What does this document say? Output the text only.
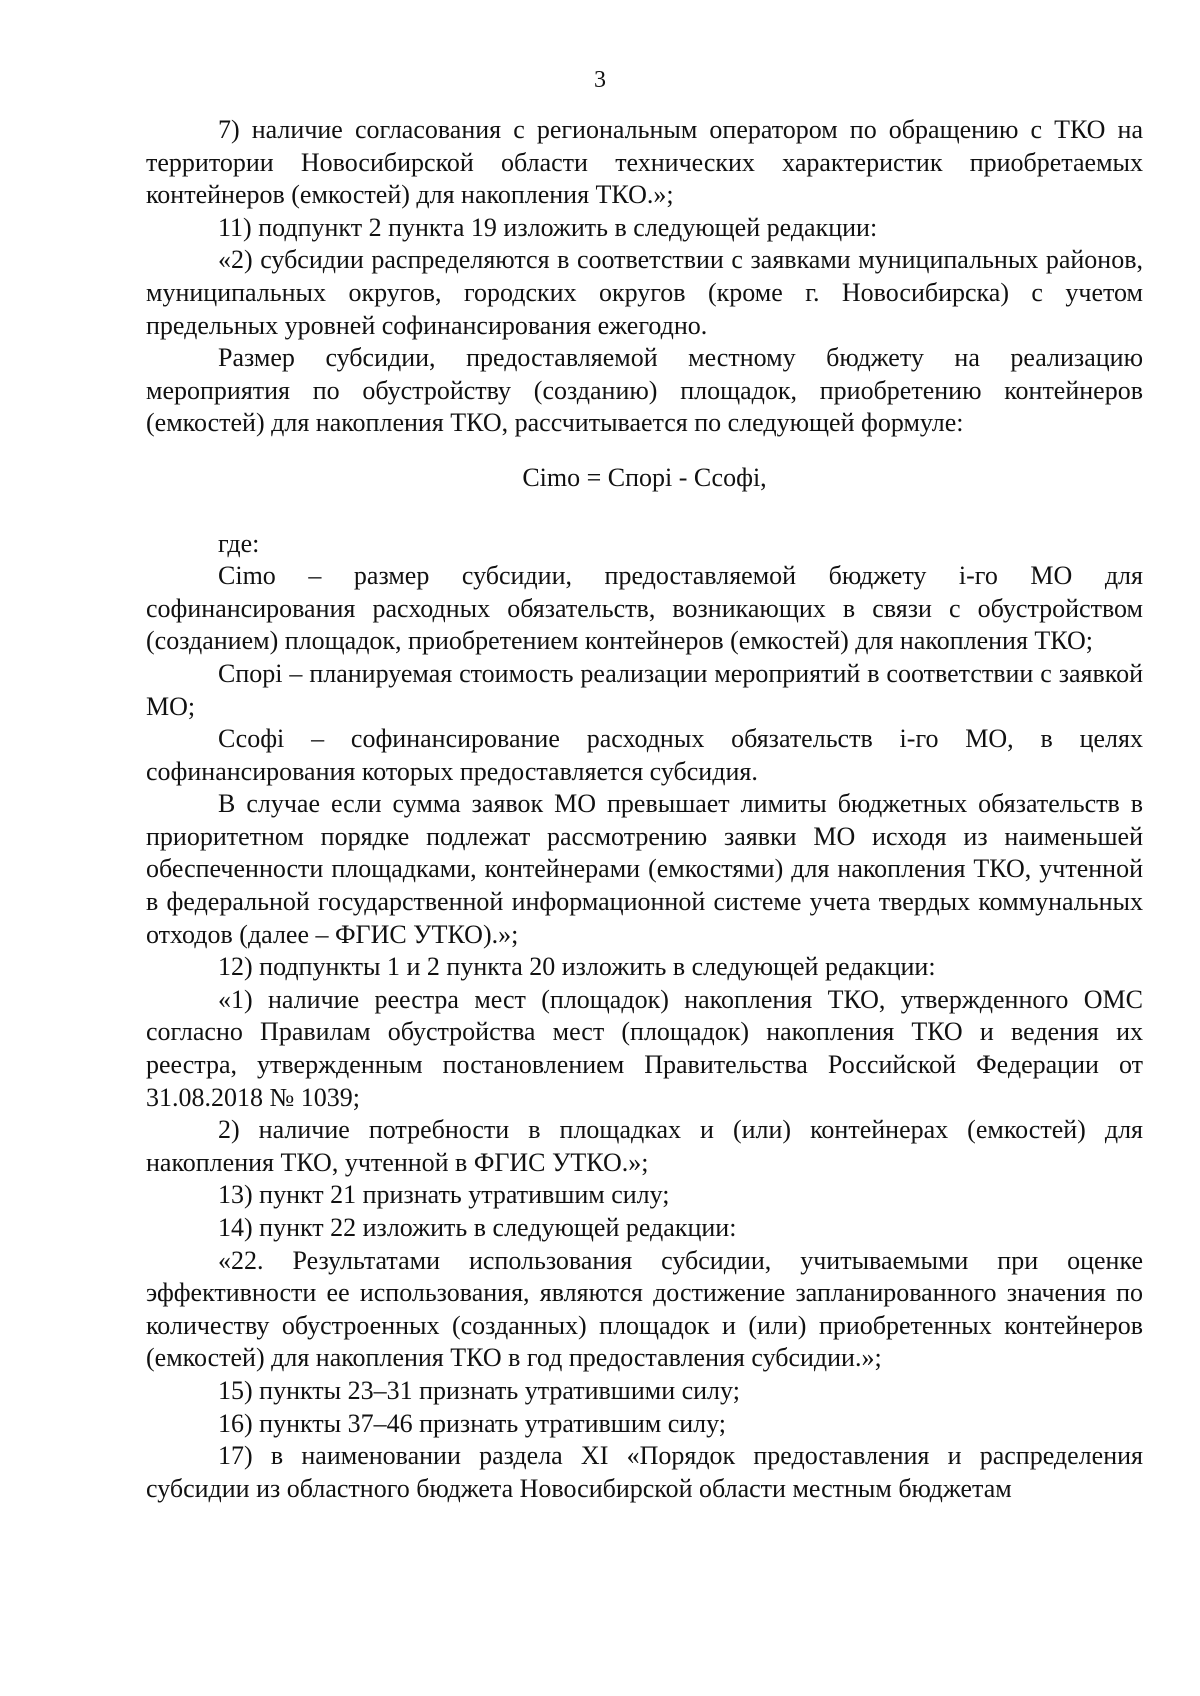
3

7) наличие согласования с региональным оператором по обращению с ТКО на территории Новосибирской области технических характеристик приобретаемых контейнеров (емкостей) для накопления ТКО.»;

11) подпункт 2 пункта 19 изложить в следующей редакции:

«2) субсидии распределяются в соответствии с заявками муниципальных районов, муниципальных округов, городских округов (кроме г. Новосибирска) с учетом предельных уровней софинансирования ежегодно.

Размер субсидии, предоставляемой местному бюджету на реализацию мероприятия по обустройству (созданию) площадок, приобретению контейнеров (емкостей) для накопления ТКО, рассчитывается по следующей формуле:

Cimo = Спорi - Ссофi,

где:

Cimo – размер субсидии, предоставляемой бюджету i-го МО для софинансирования расходных обязательств, возникающих в связи с обустройством (созданием) площадок, приобретением контейнеров (емкостей) для накопления ТКО;

Спорi – планируемая стоимость реализации мероприятий в соответствии с заявкой МО;

Ссофi – софинансирование расходных обязательств i-го МО, в целях софинансирования которых предоставляется субсидия.

В случае если сумма заявок МО превышает лимиты бюджетных обязательств в приоритетном порядке подлежат рассмотрению заявки МО исходя из наименьшей обеспеченности площадками, контейнерами (емкостями) для накопления ТКО, учтенной в федеральной государственной информационной системе учета твердых коммунальных отходов (далее – ФГИС УТКО).»;

12) подпункты 1 и 2 пункта 20 изложить в следующей редакции:

«1) наличие реестра мест (площадок) накопления ТКО, утвержденного ОМС согласно Правилам обустройства мест (площадок) накопления ТКО и ведения их реестра, утвержденным постановлением Правительства Российской Федерации от 31.08.2018 № 1039;

2) наличие потребности в площадках и (или) контейнерах (емкостей) для накопления ТКО, учтенной в ФГИС УТКО.»;

13) пункт 21 признать утратившим силу;

14) пункт 22 изложить в следующей редакции:

«22. Результатами использования субсидии, учитываемыми при оценке эффективности ее использования, являются достижение запланированного значения по количеству обустроенных (созданных) площадок и (или) приобретенных контейнеров (емкостей) для накопления ТКО в год предоставления субсидии.»;

15) пункты 23–31 признать утратившими силу;

16) пункты 37–46 признать утратившим силу;

17) в наименовании раздела XI «Порядок предоставления и распределения субсидии из областного бюджета Новосибирской области местным бюджетам
